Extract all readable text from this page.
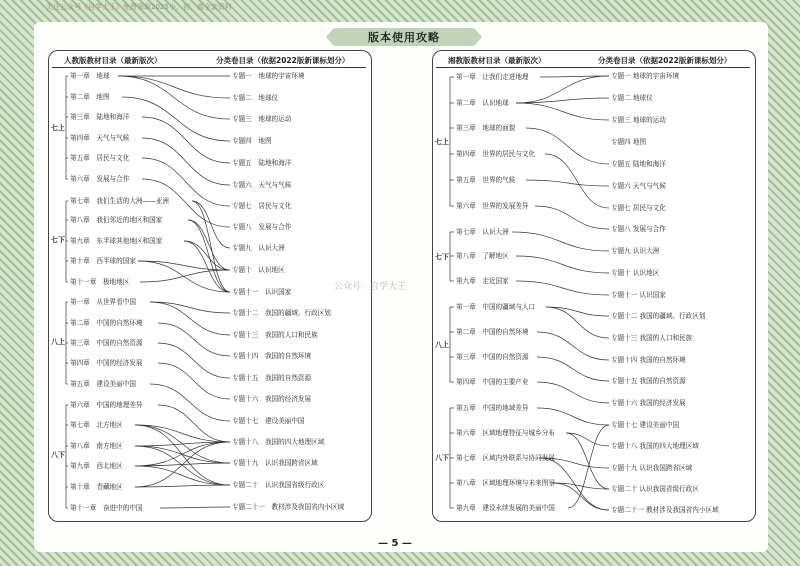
关注公众号《自学大王》免费领取2025小、初、高全套资料
版本使用攻略
人教版教材目录（最新版次）	分类卷目录（依据2022版新课标划分）	湘教版教材目录（最新版次）	分类卷目录（依据2022版新课标划分）
七上
七下
八上
八下
第一章　地球
第二章　地图
第三章　陆地和海洋
第四章　天气与气候
第五章　居民与文化
第六章　发展与合作
第七章　我们生活的大洲——亚洲
第八章　我们邻近的地区和国家
第九章　东半球其他地区和国家
第十章　西半球的国家
第十一章　极地地区
第一章　从世界看中国
第二章　中国的自然环境
第三章　中国的自然资源
第四章　中国的经济发展
第五章　建设美丽中国
第六章　中国的地理差异
第七章　北方地区
第八章　南方地区
第九章　西北地区
第十章　青藏地区
第十一章　奋进中的中国
专题一　地球的宇宙环境
专题二　地球仪
专题三　地球的运动
专题四　地图
专题五　陆地和海洋
专题六　天气与气候
专题七　居民与文化
专题八　发展与合作
专题九　认识大洲
专题十　认识地区
专题十一　认识国家
专题十二　我国的疆域、行政区划
专题十三　我国的人口和民族
专题十四　我国的自然环境
专题十五　我国的自然资源
专题十六　我国的经济发展
专题十七　建设美丽中国
专题十八　我国的四大地理区域
专题十九　认识我国跨省区域
专题二十　认识我国省级行政区
专题二十一　教材涉及我国省内小区域
七上
七下
八上
八下
第一章　让我们走进地理
第二章　认识地球
第三章　地球的面貌
第四章　世界的居民与文化
第五章　世界的气候
第六章　世界的发展差异
第七章　认识大洲
第八章　了解地区
第九章　走近国家
第一章　中国的疆域与人口
第二章　中国的自然环境
第三章　中国的自然资源
第四章　中国的主要产业
第五章　中国的地域差异
第六章　区域地理特征与城乡分布
第七章　区域内外联系与协同发展
第八章　区域地理环境与未来图景
第九章　建设永续发展的美丽中国
专题一 地球的宇宙环境
专题二 地球仪
专题三 地球的运动
专题四 地图
专题五 陆地和海洋
专题六 天气与气候
专题七 居民与文化
专题八 发展与合作
专题九 认识大洲
专题十 认识地区
专题十一 认识国家
专题十二 我国的疆域、行政区划
专题十三 我国的人口和民族
专题十四 我国的自然环境
专题十五 我国的自然资源
专题十六 我国的经济发展
专题十七 建设美丽中国
专题十八 我国的四大地理区域
专题十九 认识我国跨省区域
专题二十 认识我国省级行政区
专题二十一 教材涉及我国省内小区域
公众号：自学大王
— 5 —
